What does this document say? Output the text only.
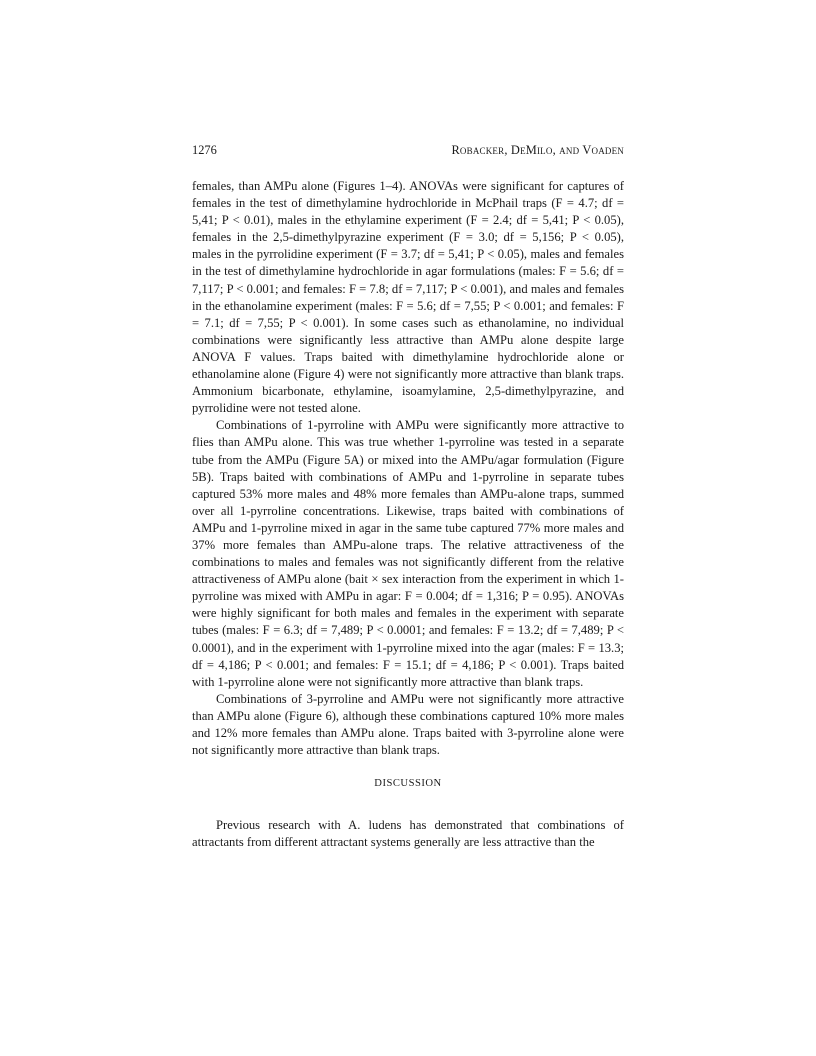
1276	Robacker, DeMilo, and Voaden

females, than AMPu alone (Figures 1–4). ANOVAs were significant for captures of females in the test of dimethylamine hydrochloride in McPhail traps (F = 4.7; df = 5,41; P < 0.01), males in the ethylamine experiment (F = 2.4; df = 5,41; P < 0.05), females in the 2,5-dimethylpyrazine experiment (F = 3.0; df = 5,156; P < 0.05), males in the pyrrolidine experiment (F = 3.7; df = 5,41; P < 0.05), males and females in the test of dimethylamine hydrochloride in agar formulations (males: F = 5.6; df = 7,117; P < 0.001; and females: F = 7.8; df = 7,117; P < 0.001), and males and females in the ethanolamine experiment (males: F = 5.6; df = 7,55; P < 0.001; and females: F = 7.1; df = 7,55; P < 0.001). In some cases such as ethanolamine, no individual combinations were significantly less attractive than AMPu alone despite large ANOVA F values. Traps baited with dimethylamine hydrochloride alone or ethanolamine alone (Figure 4) were not significantly more attractive than blank traps. Ammonium bicarbonate, ethylamine, isoamylamine, 2,5-dimethylpyrazine, and pyrrolidine were not tested alone.

Combinations of 1-pyrroline with AMPu were significantly more attractive to flies than AMPu alone. This was true whether 1-pyrroline was tested in a separate tube from the AMPu (Figure 5A) or mixed into the AMPu/agar formulation (Figure 5B). Traps baited with combinations of AMPu and 1-pyrroline in separate tubes captured 53% more males and 48% more females than AMPu-alone traps, summed over all 1-pyrroline concentrations. Likewise, traps baited with combinations of AMPu and 1-pyrroline mixed in agar in the same tube captured 77% more males and 37% more females than AMPu-alone traps. The relative attractiveness of the combinations to males and females was not significantly different from the relative attractiveness of AMPu alone (bait × sex interaction from the experiment in which 1-pyrroline was mixed with AMPu in agar: F = 0.004; df = 1,316; P = 0.95). ANOVAs were highly significant for both males and females in the experiment with separate tubes (males: F = 6.3; df = 7,489; P < 0.0001; and females: F = 13.2; df = 7,489; P < 0.0001), and in the experiment with 1-pyrroline mixed into the agar (males: F = 13.3; df = 4,186; P < 0.001; and females: F = 15.1; df = 4,186; P < 0.001). Traps baited with 1-pyrroline alone were not significantly more attractive than blank traps.

Combinations of 3-pyrroline and AMPu were not significantly more attractive than AMPu alone (Figure 6), although these combinations captured 10% more males and 12% more females than AMPu alone. Traps baited with 3-pyrroline alone were not significantly more attractive than blank traps.

DISCUSSION

Previous research with A. ludens has demonstrated that combinations of attractants from different attractant systems generally are less attractive than the
